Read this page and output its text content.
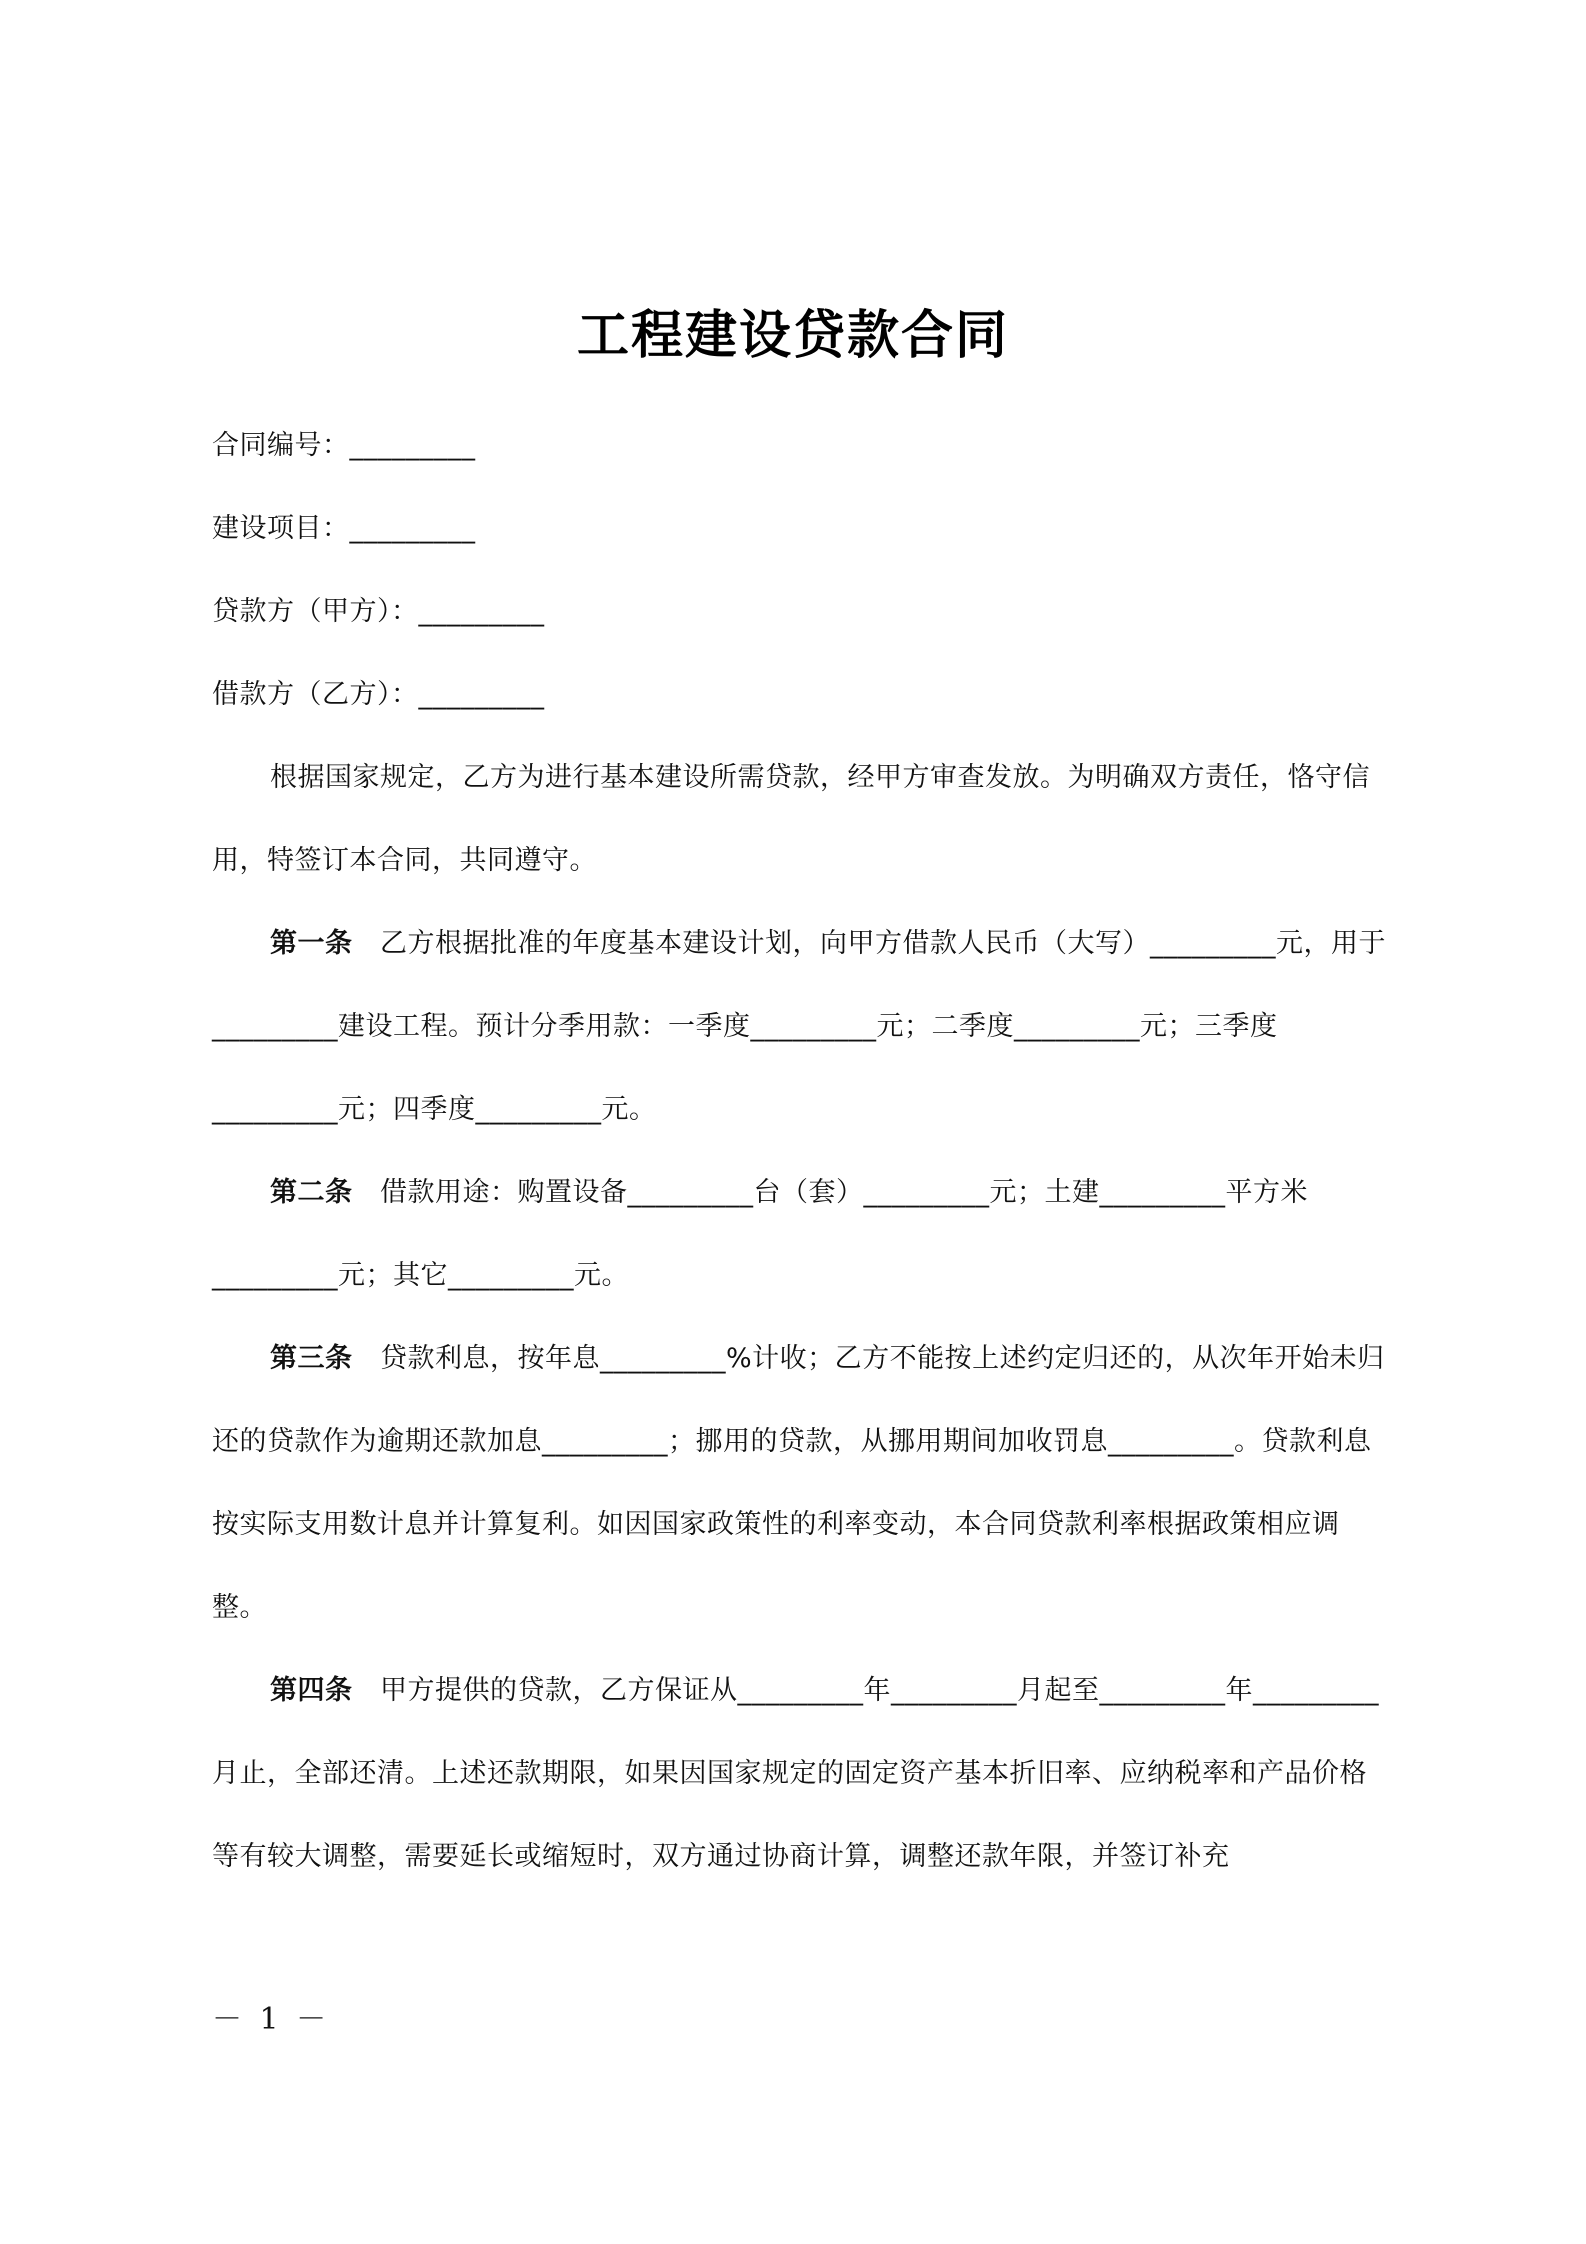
工程建设贷款合同

合同编号：_________

建设项目：_________

贷款方（甲方）：_________

借款方（乙方）：_________

根据国家规定，乙方为进行基本建设所需贷款，经甲方审查发放。为明确双方责任，恪守信用，特签订本合同，共同遵守。

第一条  乙方根据批准的年度基本建设计划，向甲方借款人民币（大写）_________元，用于_________建设工程。预计分季用款：一季度_________元；二季度_________元；三季度_________元；四季度_________元。

第二条  借款用途：购置设备_________台（套）_________元；土建_________平方米_________元；其它_________元。

第三条  贷款利息，按年息_________%计收；乙方不能按上述约定归还的，从次年开始未归还的贷款作为逾期还款加息_________；挪用的贷款，从挪用期间加收罚息_________。贷款利息按实际支用数计息并计算复利。如因国家政策性的利率变动，本合同贷款利率根据政策相应调整。

第四条  甲方提供的贷款，乙方保证从_________年_________月起至_________年_________月止，全部还清。上述还款期限，如果因国家规定的固定资产基本折旧率、应纳税率和产品价格等有较大调整，需要延长或缩短时，双方通过协商计算，调整还款年限，并签订补充

－ 1 －
